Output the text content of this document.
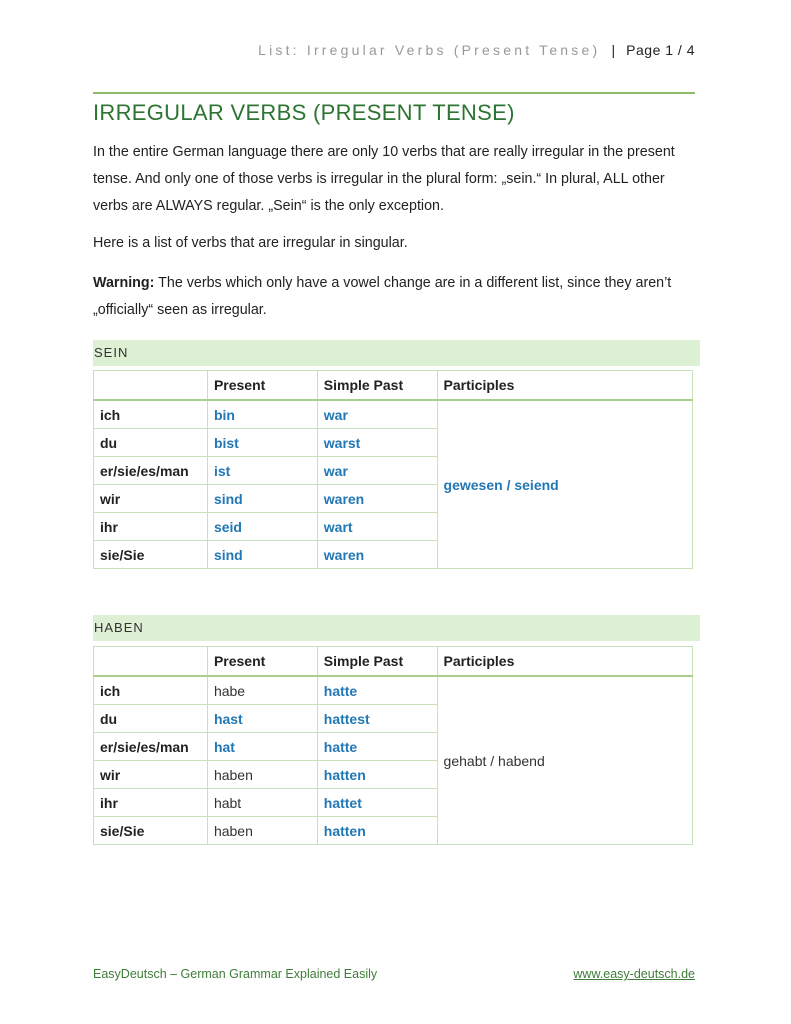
List: Irregular Verbs (Present Tense) | Page 1 / 4
IRREGULAR VERBS (PRESENT TENSE)

In the entire German language there are only 10 verbs that are really irregular in the present tense. And only one of those verbs is irregular in the plural form: „sein.“ In plural, ALL other verbs are ALWAYS regular. „Sein“ is the only exception.

Here is a list of verbs that are irregular in singular.

Warning: The verbs which only have a vowel change are in a different list, since they aren’t „officially“ seen as irregular.

SEIN
	Present	Simple Past	Participles
ich	bin	war	gewesen / seiend
du	bist	warst	
er/sie/es/man	ist	war	
wir	sind	waren	
ihr	seid	wart	
sie/Sie	sind	waren	
HABEN
	Present	Simple Past	Participles
ich	habe	hatte	gehabt / habend
du	hast	hattest	
er/sie/es/man	hat	hatte	
wir	haben	hatten	
ihr	habt	hattet	
sie/Sie	haben	hatten	
EasyDeutsch – German Grammar Explained Easily	www.easy-deutsch.de
